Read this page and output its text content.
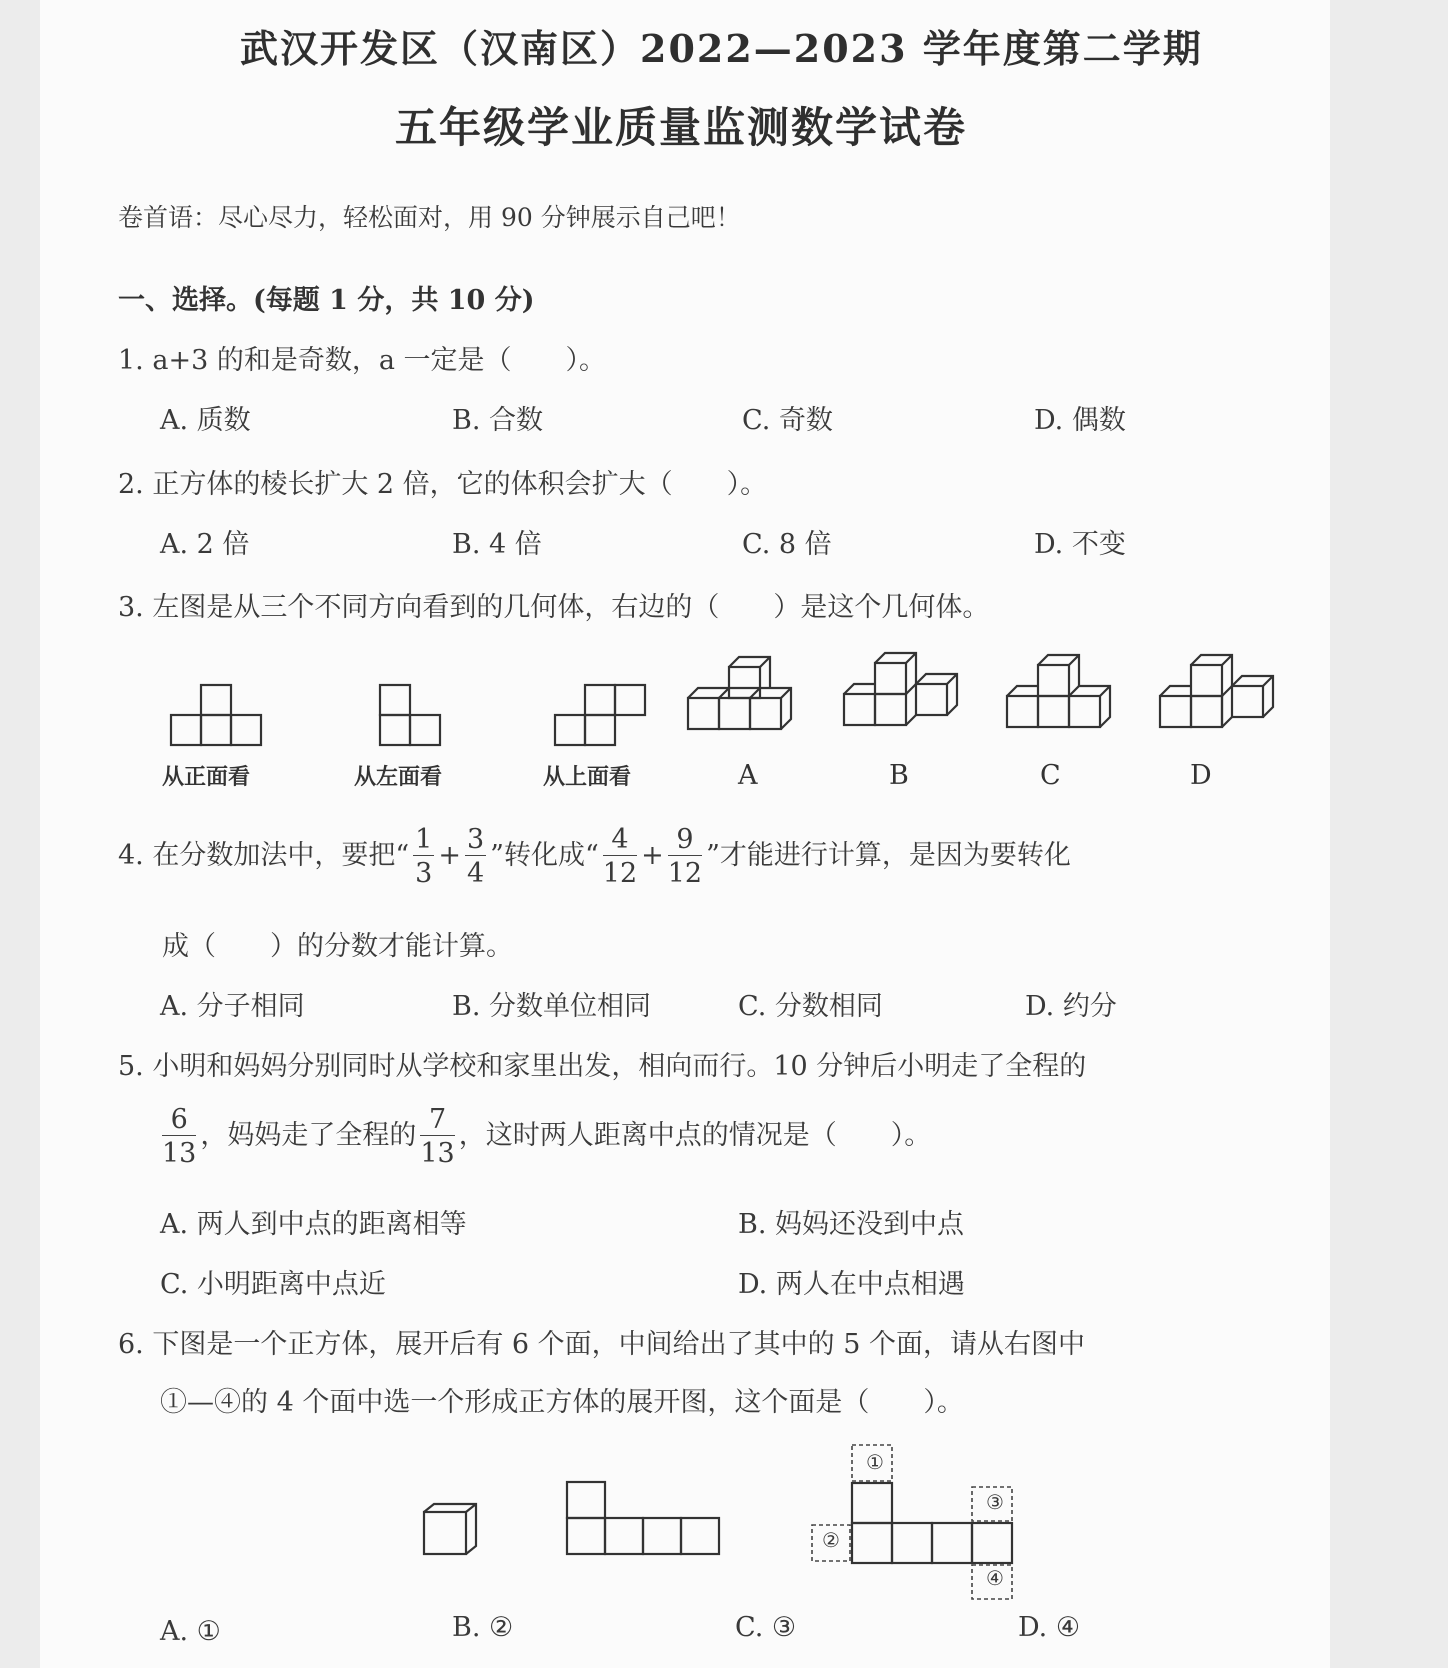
武汉开发区（汉南区）2022—2023 学年度第二学期
五年级学业质量监测数学试卷
卷首语：尽心尽力，轻松面对，用 90 分钟展示自己吧！
一、选择。(每题 1 分，共 10 分)
1. a+3 的和是奇数，a 一定是（　　）。
A. 质数	B. 合数	C. 奇数	D. 偶数
2. 正方体的棱长扩大 2 倍，它的体积会扩大（　　）。
A. 2 倍	B. 4 倍	C. 8 倍	D. 不变
3. 左图是从三个不同方向看到的几何体，右边的（　　）是这个几何体。
从正面看	从左面看	从上面看	A	B	C	D
4. 在分数加法中，要把“ $\frac{1}{3} + \frac{3}{4}$ ”转化成“ $\frac{4}{12} + \frac{9}{12}$ ”才能进行计算，是因为要转化
成（　　）的分数才能计算。
A. 分子相同	B. 分数单位相同	C. 分数相同	D. 约分
5. 小明和妈妈分别同时从学校和家里出发，相向而行。10 分钟后小明走了全程的
$\frac{6}{13}$ ，妈妈走了全程的 $\frac{7}{13}$ ，这时两人距离中点的情况是（　　）。
A. 两人到中点的距离相等	B. 妈妈还没到中点
C. 小明距离中点近	D. 两人在中点相遇
6. 下图是一个正方体，展开后有 6 个面，中间给出了其中的 5 个面，请从右图中
①—④的 4 个面中选一个形成正方体的展开图，这个面是（　　）。
①
②
③
④
A. ①	B. ②	C. ③	D. ④
